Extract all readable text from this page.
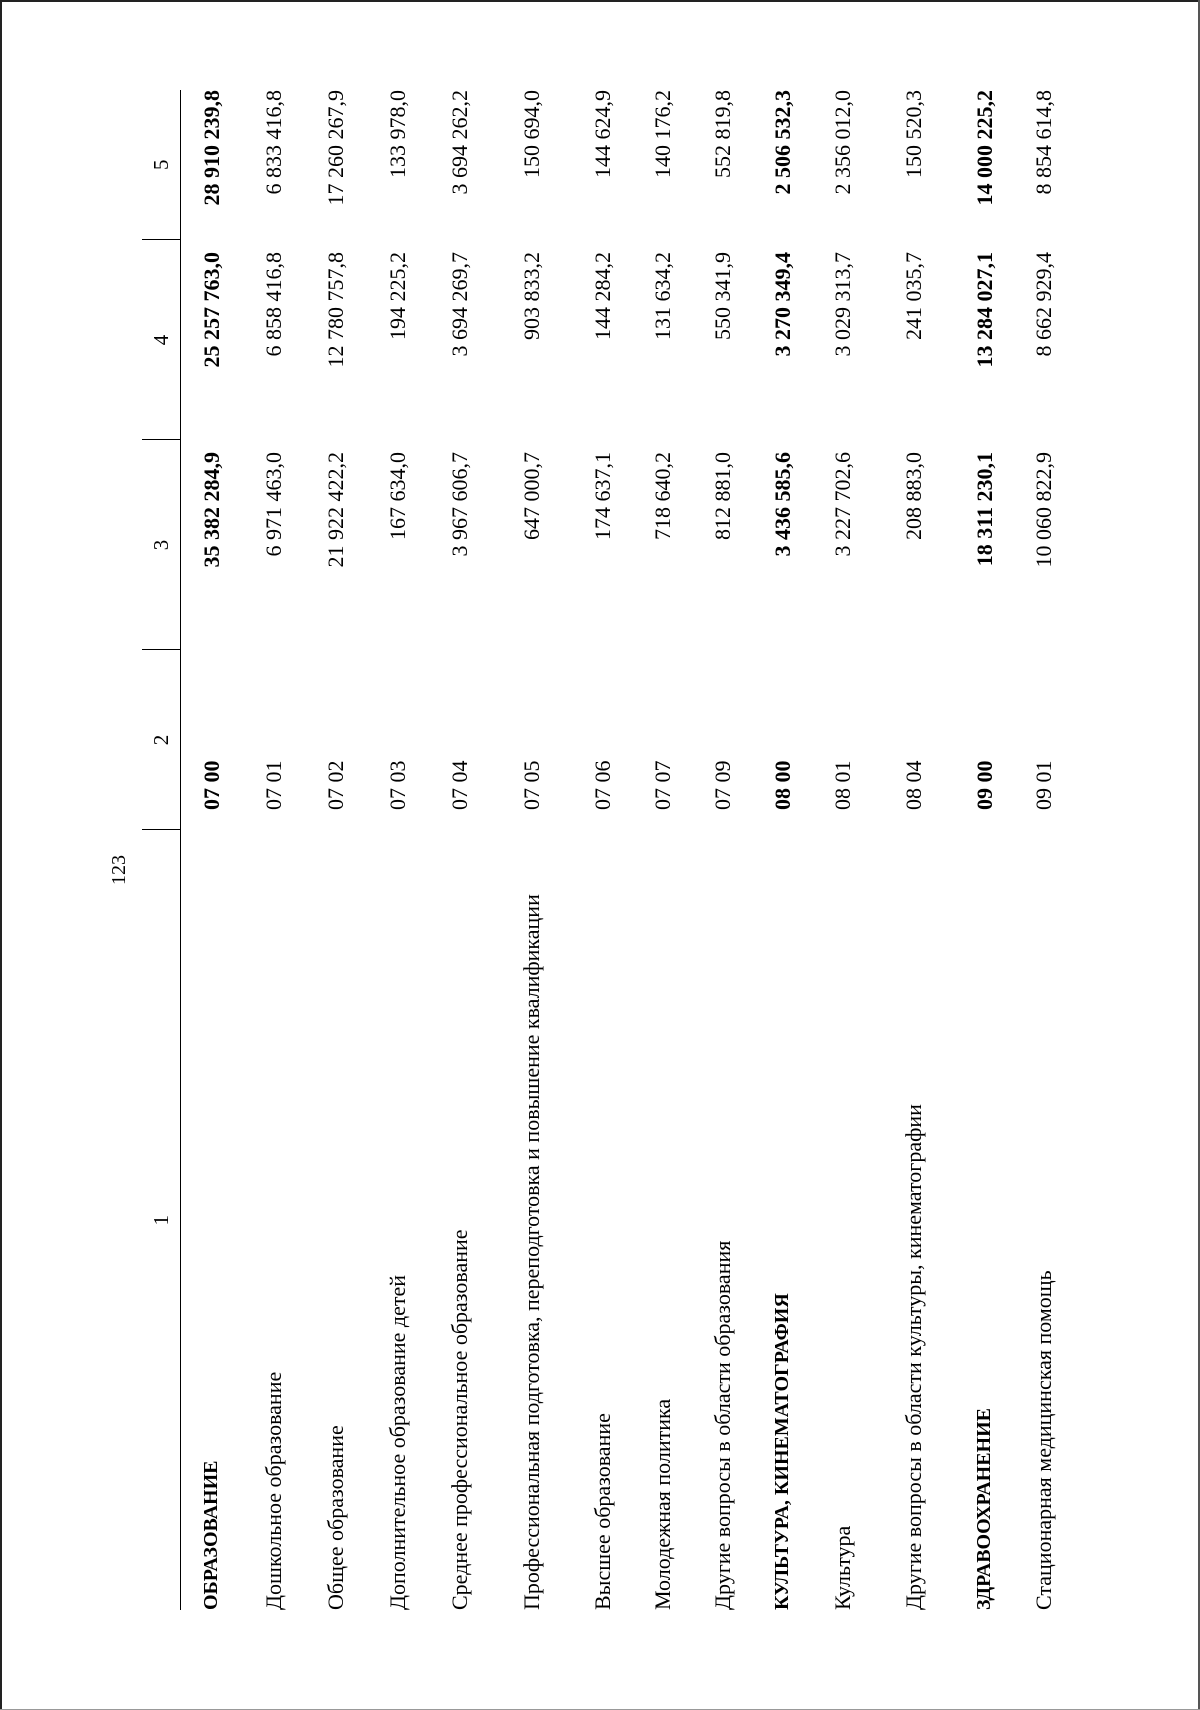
123
1	2	3	4	5
ОБРАЗОВАНИЕ	07 00	35 382 284,9	25 257 763,0	28 910 239,8
Дошкольное образование	07 01	6 971 463,0	6 858 416,8	6 833 416,8
Общее образование	07 02	21 922 422,2	12 780 757,8	17 260 267,9
Дополнительное образование детей	07 03	167 634,0	194 225,2	133 978,0
Среднее профессиональное образование	07 04	3 967 606,7	3 694 269,7	3 694 262,2
Профессиональная подготовка, переподготовка и повышение квалификации	07 05	647 000,7	903 833,2	150 694,0
Высшее образование	07 06	174 637,1	144 284,2	144 624,9
Молодежная политика	07 07	718 640,2	131 634,2	140 176,2
Другие вопросы в области образования	07 09	812 881,0	550 341,9	552 819,8
КУЛЬТУРА, КИНЕМАТОГРАФИЯ	08 00	3 436 585,6	3 270 349,4	2 506 532,3
Культура	08 01	3 227 702,6	3 029 313,7	2 356 012,0
Другие вопросы в области культуры, кинематографии	08 04	208 883,0	241 035,7	150 520,3
ЗДРАВООХРАНЕНИЕ	09 00	18 311 230,1	13 284 027,1	14 000 225,2
Стационарная медицинская помощь	09 01	10 060 822,9	8 662 929,4	8 854 614,8
